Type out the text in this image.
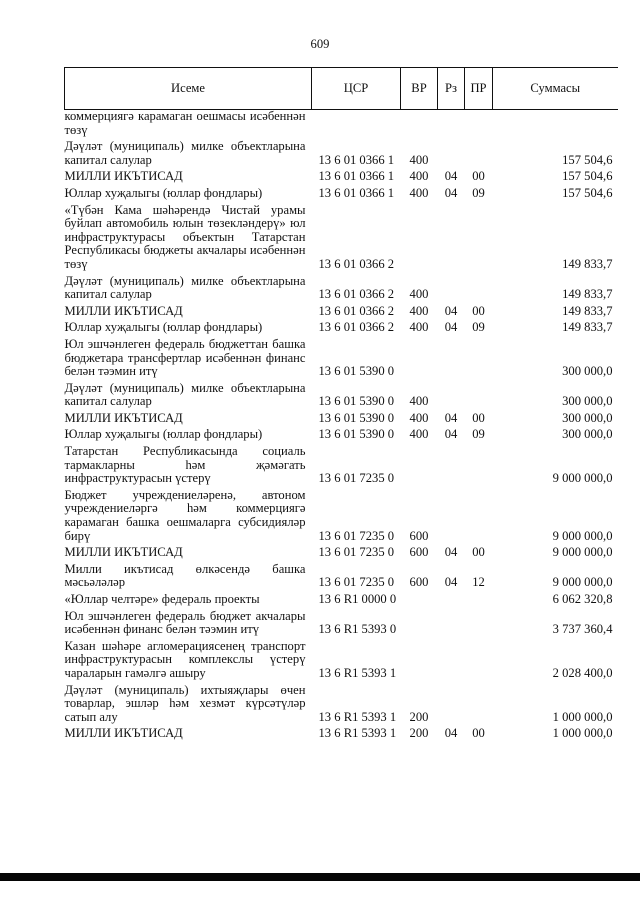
609
Исеме	ЦСР	ВР	Рз	ПР	Суммасы
коммерциягә карамаган оешмасы исәбеннән төзү					
Дәүләт (муниципаль) милке объектларына капитал салулар	13 6 01 0366 1	400			157 504,6
МИЛЛИ ИКЪТИСАД	13 6 01 0366 1	400	04	00	157 504,6
Юллар хуҗалыгы (юллар фондлары)	13 6 01 0366 1	400	04	09	157 504,6
«Түбән Кама шәһәрендә Чистай урамы буйлап автомобиль юлын төзекләндерү» юл инфраструктурасы объектын Татарстан Республикасы бюджеты акчалары исәбеннән төзү	13 6 01 0366 2				149 833,7
Дәүләт (муниципаль) милке объектларына капитал салулар	13 6 01 0366 2	400			149 833,7
МИЛЛИ ИКЪТИСАД	13 6 01 0366 2	400	04	00	149 833,7
Юллар хуҗалыгы (юллар фондлары)	13 6 01 0366 2	400	04	09	149 833,7
Юл эшчәнлеген федераль бюджеттан башка бюджетара трансфертлар исәбеннән финанс белән тәэмин итү	13 6 01 5390 0				300 000,0
Дәүләт (муниципаль) милке объектларына капитал салулар	13 6 01 5390 0	400			300 000,0
МИЛЛИ ИКЪТИСАД	13 6 01 5390 0	400	04	00	300 000,0
Юллар хуҗалыгы (юллар фондлары)	13 6 01 5390 0	400	04	09	300 000,0
Татарстан Республикасында социаль тармакларны һәм җәмәгать инфраструктурасын үстерү	13 6 01 7235 0				9 000 000,0
Бюджет учреждениеләренә, автоном учреждениеләргә һәм коммерциягә карамаган башка оешмаларга субсидияләр бирү	13 6 01 7235 0	600			9 000 000,0
МИЛЛИ ИКЪТИСАД	13 6 01 7235 0	600	04	00	9 000 000,0
Милли икътисад өлкәсендә башка мәсьәләләр	13 6 01 7235 0	600	04	12	9 000 000,0
«Юллар челтәре» федераль проекты	13 6 R1 0000 0				6 062 320,8
Юл эшчәнлеген федераль бюджет акчалары исәбеннән финанс белән тәэмин итү	13 6 R1 5393 0				3 737 360,4
Казан шәһәре агломерациясенең транспорт инфраструктурасын комплекслы үстерү чараларын гамәлгә ашыру	13 6 R1 5393 1				2 028 400,0
Дәүләт (муниципаль) ихтыяҗлары өчен товарлар, эшләр һәм хезмәт күрсәтүләр сатып алу	13 6 R1 5393 1	200			1 000 000,0
МИЛЛИ ИКЪТИСАД	13 6 R1 5393 1	200	04	00	1 000 000,0
